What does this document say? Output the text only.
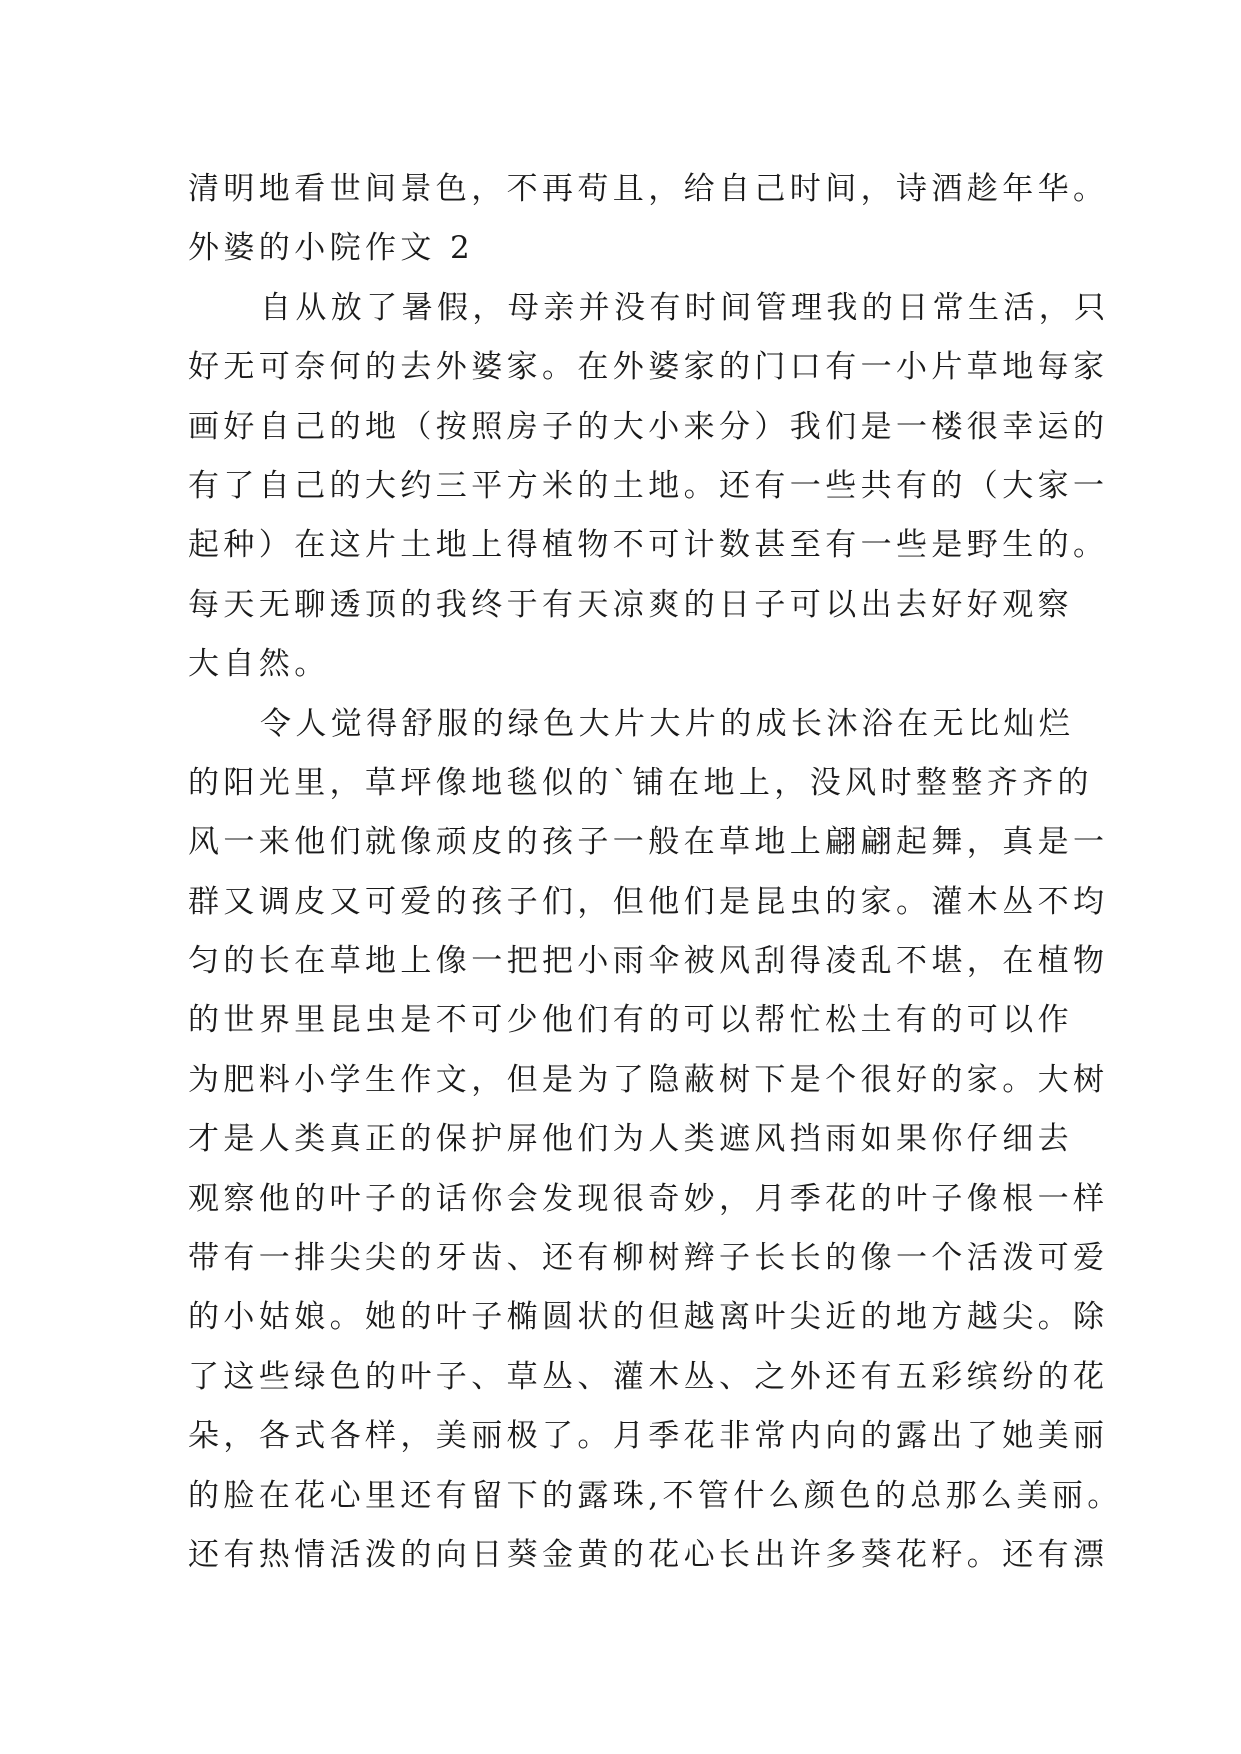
清明地看世间景色，不再苟且，给自己时间，诗酒趁年华。
外婆的小院作文 2
自从放了暑假，母亲并没有时间管理我的日常生活，只
好无可奈何的去外婆家。在外婆家的门口有一小片草地每家
画好自己的地（按照房子的大小来分）我们是一楼很幸运的
有了自己的大约三平方米的土地。还有一些共有的（大家一
起种）在这片土地上得植物不可计数甚至有一些是野生的。
每天无聊透顶的我终于有天凉爽的日子可以出去好好观察
大自然。
令人觉得舒服的绿色大片大片的成长沐浴在无比灿烂
的阳光里，草坪像地毯似的`铺在地上，没风时整整齐齐的
风一来他们就像顽皮的孩子一般在草地上翩翩起舞，真是一
群又调皮又可爱的孩子们，但他们是昆虫的家。灌木丛不均
匀的长在草地上像一把把小雨伞被风刮得凌乱不堪，在植物
的世界里昆虫是不可少他们有的可以帮忙松土有的可以作
为肥料小学生作文，但是为了隐蔽树下是个很好的家。大树
才是人类真正的保护屏他们为人类遮风挡雨如果你仔细去
观察他的叶子的话你会发现很奇妙，月季花的叶子像根一样
带有一排尖尖的牙齿、还有柳树辫子长长的像一个活泼可爱
的小姑娘。她的叶子椭圆状的但越离叶尖近的地方越尖。除
了这些绿色的叶子、草丛、灌木丛、之外还有五彩缤纷的花
朵，各式各样，美丽极了。月季花非常内向的露出了她美丽
的脸在花心里还有留下的露珠,不管什么颜色的总那么美丽。
还有热情活泼的向日葵金黄的花心长出许多葵花籽。还有漂
